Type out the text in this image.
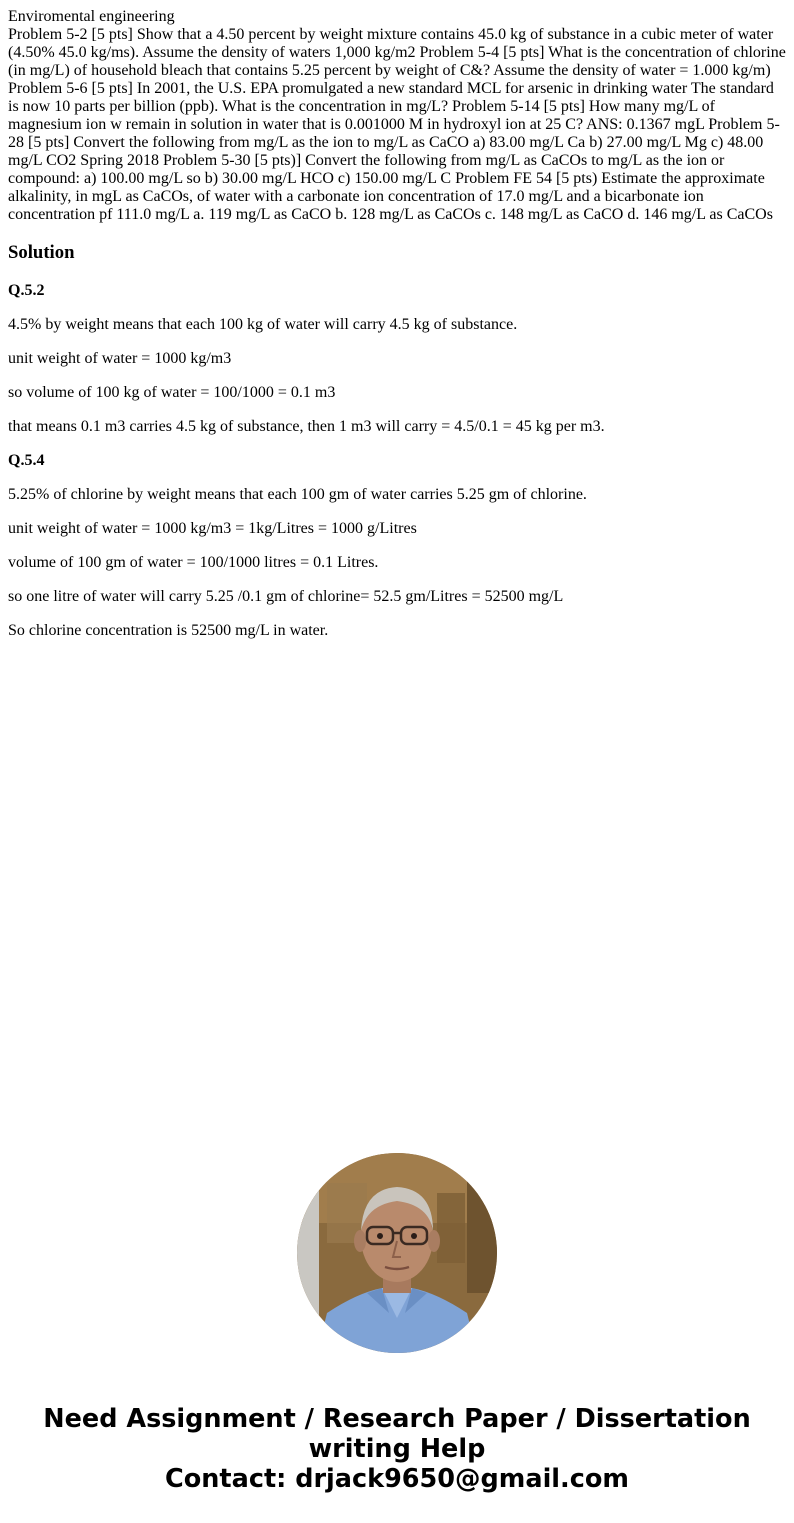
Enviromental engineering
Problem 5-2 [5 pts] Show that a 4.50 percent by weight mixture contains 45.0 kg of substance in a cubic meter of water (4.50% 45.0 kg/ms). Assume the density of waters 1,000 kg/m2 Problem 5-4 [5 pts] What is the concentration of chlorine (in mg/L) of household bleach that contains 5.25 percent by weight of C&? Assume the density of water = 1.000 kg/m) Problem 5-6 [5 pts] In 2001, the U.S. EPA promulgated a new standard MCL for arsenic in drinking water The standard is now 10 parts per billion (ppb). What is the concentration in mg/L? Problem 5-14 [5 pts] How many mg/L of magnesium ion w remain in solution in water that is 0.001000 M in hydroxyl ion at 25 C? ANS: 0.1367 mgL Problem 5-28 [5 pts] Convert the following from mg/L as the ion to mg/L as CaCO a) 83.00 mg/L Ca b) 27.00 mg/L Mg c) 48.00 mg/L CO2 Spring 2018 Problem 5-30 [5 pts)] Convert the following from mg/L as CaCOs to mg/L as the ion or compound: a) 100.00 mg/L so b) 30.00 mg/L HCO c) 150.00 mg/L C Problem FE 54 [5 pts) Estimate the approximate alkalinity, in mgL as CaCOs, of water with a carbonate ion concentration of 17.0 mg/L and a bicarbonate ion concentration pf 111.0 mg/L a. 119 mg/L as CaCO b. 128 mg/L as CaCOs c. 148 mg/L as CaCO d. 146 mg/L as CaCOs
Solution
Q.5.2
4.5% by weight means that each 100 kg of water will carry 4.5 kg of substance.
unit weight of water = 1000 kg/m3
so volume of 100 kg of water = 100/1000 = 0.1 m3
that means 0.1 m3 carries 4.5 kg of substance, then 1 m3 will carry = 4.5/0.1 = 45 kg per m3.
Q.5.4
5.25% of chlorine by weight means that each 100 gm of water carries 5.25 gm of chlorine.
unit weight of water = 1000 kg/m3 = 1kg/Litres = 1000 g/Litres
volume of 100 gm of water = 100/1000 litres = 0.1 Litres.
so one litre of water will carry 5.25 /0.1 gm of chlorine= 52.5 gm/Litres = 52500 mg/L
So chlorine concentration is 52500 mg/L in water.
Need Assignment / Research Paper / Dissertation writing Help
Contact: drjack9650@gmail.com
